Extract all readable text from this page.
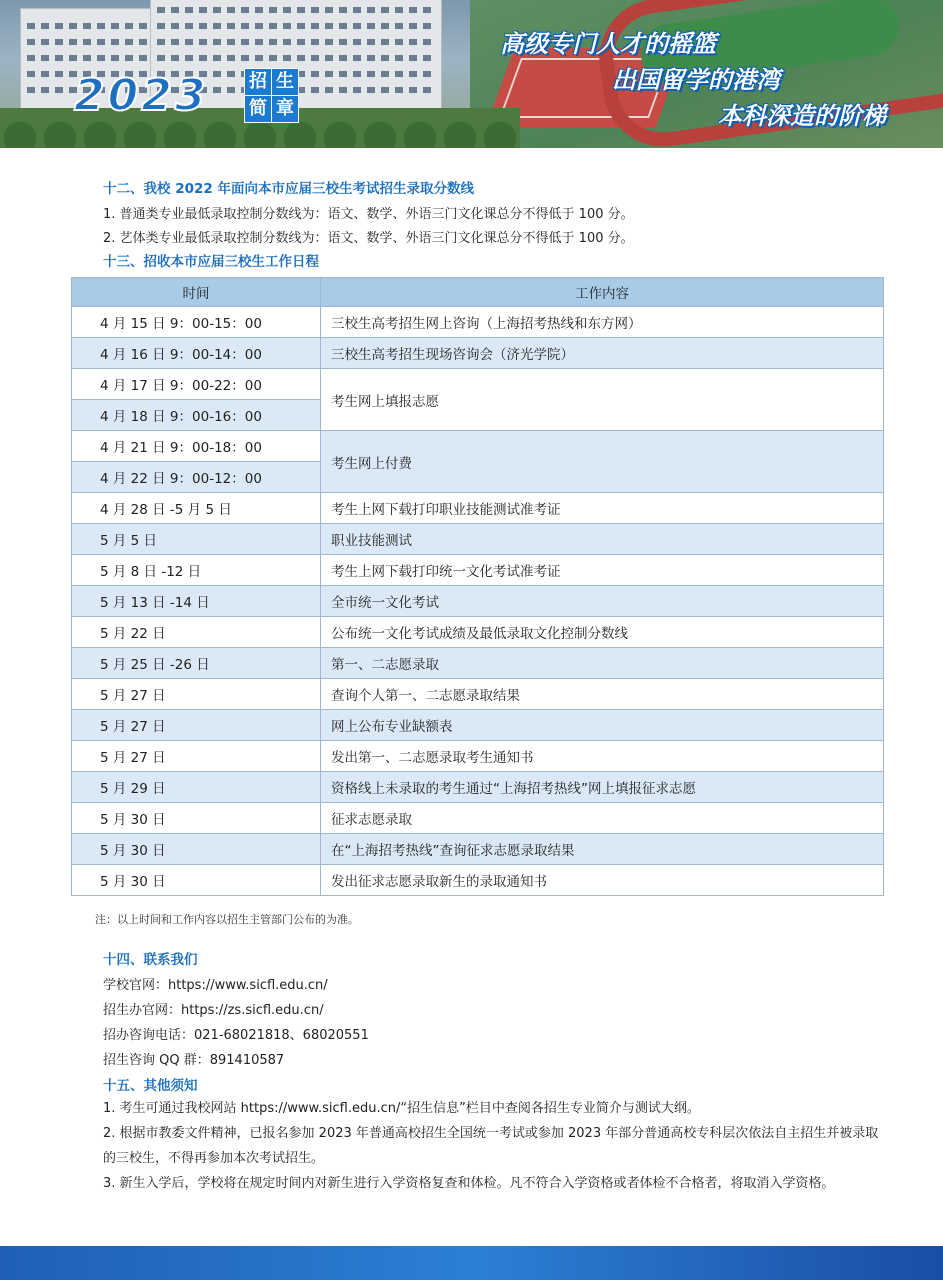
2023 招 生
简 章
高级专门人才的摇篮
出国留学的港湾
本科深造的阶梯
十二、我校 2022 年面向本市应届三校生考试招生录取分数线
1. 普通类专业最低录取控制分数线为：语文、数学、外语三门文化课总分不得低于 100 分。
2. 艺体类专业最低录取控制分数线为：语文、数学、外语三门文化课总分不得低于 100 分。
十三、招收本市应届三校生工作日程
时间	工作内容
4 月 15 日 9：00-15：00	三校生高考招生网上咨询（上海招考热线和东方网）
4 月 16 日 9：00-14：00	三校生高考招生现场咨询会（济光学院）
4 月 17 日 9：00-22：00	考生网上填报志愿
4 月 18 日 9：00-16：00	
4 月 21 日 9：00-18：00	考生网上付费
4 月 22 日 9：00-12：00	
4 月 28 日 -5 月 5 日	考生上网下载打印职业技能测试准考证
5 月 5 日	职业技能测试
5 月 8 日 -12 日	考生上网下载打印统一文化考试准考证
5 月 13 日 -14 日	全市统一文化考试
5 月 22 日	公布统一文化考试成绩及最低录取文化控制分数线
5 月 25 日 -26 日	第一、二志愿录取
5 月 27 日	查询个人第一、二志愿录取结果
5 月 27 日	网上公布专业缺额表
5 月 27 日	发出第一、二志愿录取考生通知书
5 月 29 日	资格线上未录取的考生通过“上海招考热线”网上填报征求志愿
5 月 30 日	征求志愿录取
5 月 30 日	在“上海招考热线”查询征求志愿录取结果
5 月 30 日	发出征求志愿录取新生的录取通知书
注：以上时间和工作内容以招生主管部门公布的为准。
十四、联系我们
学校官网：https://www.sicfl.edu.cn/
招生办官网：https://zs.sicfl.edu.cn/
招办咨询电话：021-68021818、68020551
招生咨询 QQ 群：891410587
十五、其他须知
1. 考生可通过我校网站 https://www.sicfl.edu.cn/“招生信息”栏目中查阅各招生专业简介与测试大纲。
2. 根据市教委文件精神，已报名参加 2023 年普通高校招生全国统一考试或参加 2023 年部分普通高校专科层次依法自主招生并被录取的三校生，不得再参加本次考试招生。
3. 新生入学后，学校将在规定时间内对新生进行入学资格复查和体检。凡不符合入学资格或者体检不合格者，将取消入学资格。
